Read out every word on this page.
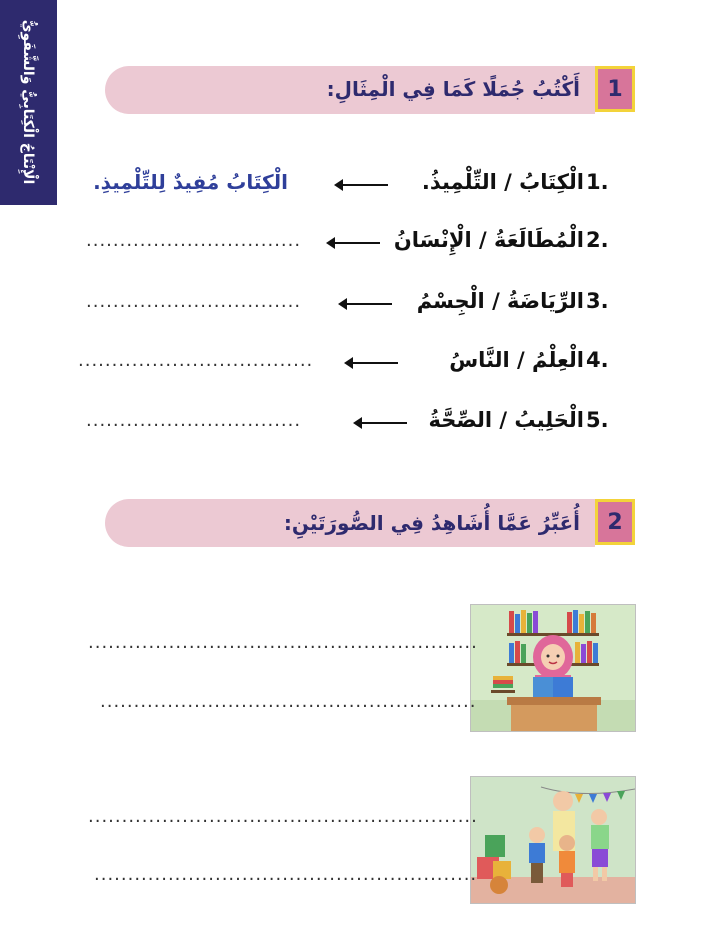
الْإِنْتَاجُ الْكِتَابِيُّ وَالشَّفَوِيُّ	1
أَكْتُبُ جُمَلًا كَمَا فِي الْمِثَالِ:
1.
الْكِتَابُ / التِّلْمِيذُ.
الْكِتَابُ مُفِيدٌ لِلتِّلْمِيذِ.
2.
الْمُطَالَعَةُ / الْإِنْسَانُ
................................
3.
الرِّيَاضَةُ / الْجِسْمُ
................................
4.
الْعِلْمُ / النَّاسُ
...................................
5.
الْحَلِيبُ / الصِّحَّةُ
................................
2
أُعَبِّرُ عَمَّا أُشَاهِدُ فِي الصُّورَتَيْنِ:
..........................................................
........................................................
..........................................................
.........................................................
